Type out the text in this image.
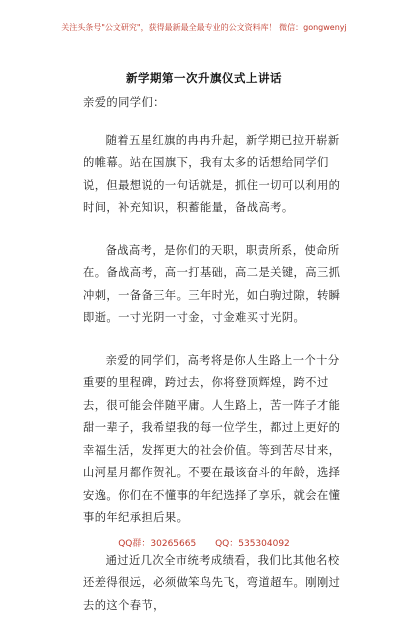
关注头条号"公文研究"，获得最新最全最专业的公文资料库！ 微信：gongwenyj
新学期第一次升旗仪式上讲话

亲爱的同学们：

随着五星红旗的冉冉升起，新学期已拉开崭新的帷幕。站在国旗下，我有太多的话想给同学们说，但最想说的一句话就是，抓住一切可以利用的时间，补充知识，积蓄能量，备战高考。

备战高考，是你们的天职，职责所系，使命所在。备战高考，高一打基础，高二是关键，高三抓冲刺，一备备三年。三年时光，如白驹过隙，转瞬即逝。一寸光阴一寸金，寸金难买寸光阴。

亲爱的同学们，高考将是你人生路上一个十分重要的里程碑，跨过去，你将登顶辉煌，跨不过去，很可能会伴随平庸。人生路上，苦一阵子才能甜一辈子，我希望我的每一位学生，都过上更好的幸福生活，发挥更大的社会价值。等到苦尽甘来，山河星月都作贺礼。不要在最该奋斗的年龄，选择安逸。你们在不懂事的年纪选择了享乐，就会在懂事的年纪承担后果。

通过近几次全市统考成绩看，我们比其他名校还差得很远，必须做笨鸟先飞，弯道超车。刚刚过去的这个春节，

QQ群：30265665 QQ：535304092
